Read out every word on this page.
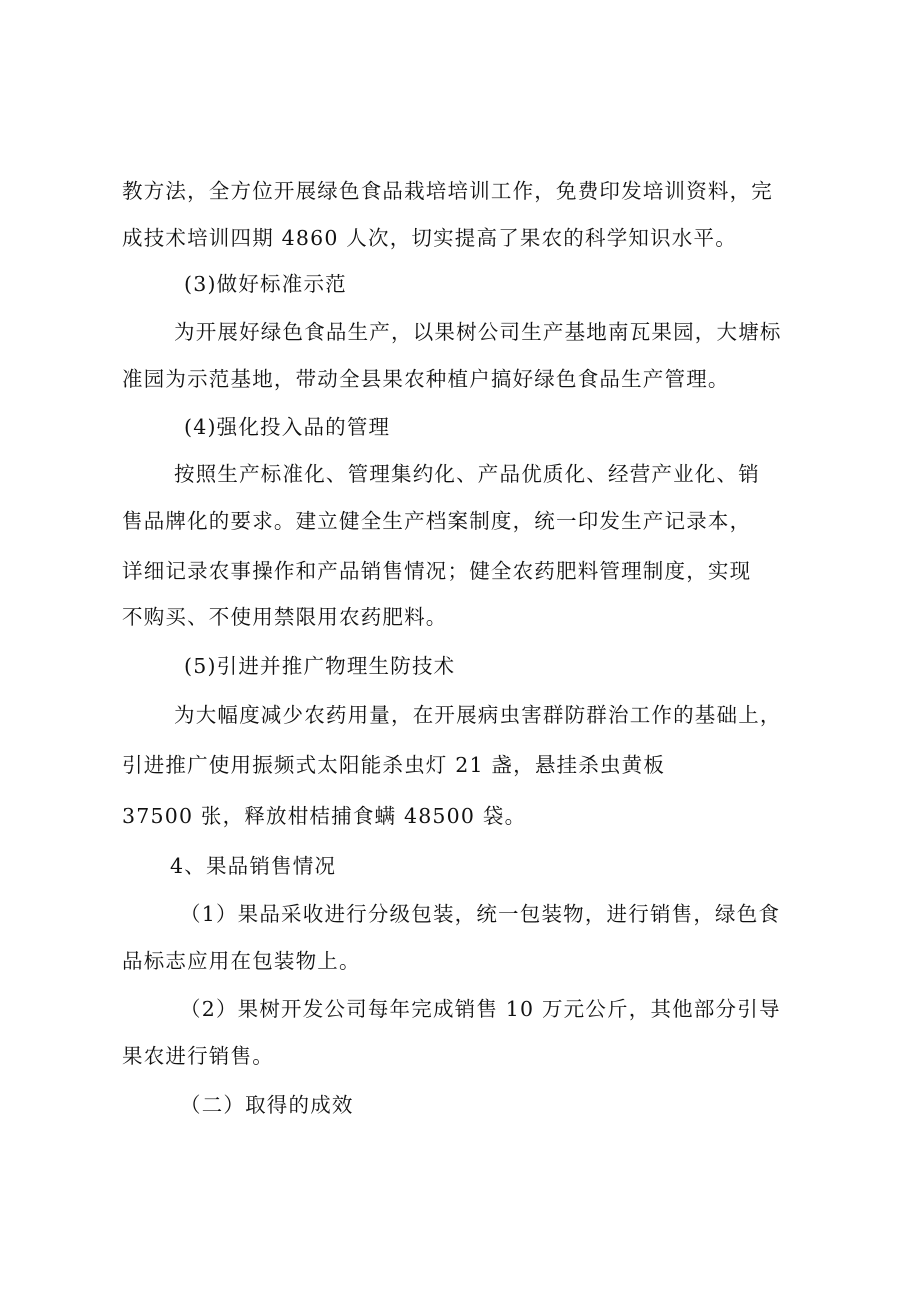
教方法，全方位开展绿色食品栽培培训工作，免费印发培训资料，完
成技术培训四期 4860 人次，切实提高了果农的科学知识水平。
(3)做好标准示范
为开展好绿色食品生产，以果树公司生产基地南瓦果园，大塘标
准园为示范基地，带动全县果农种植户搞好绿色食品生产管理。
(4)强化投入品的管理
按照生产标准化、管理集约化、产品优质化、经营产业化、销
售品牌化的要求。建立健全生产档案制度，统一印发生产记录本，
详细记录农事操作和产品销售情况；健全农药肥料管理制度，实现
不购买、不使用禁限用农药肥料。
(5)引进并推广物理生防技术
为大幅度减少农药用量，在开展病虫害群防群治工作的基础上，
引进推广使用振频式太阳能杀虫灯 21 盏，悬挂杀虫黄板
37500 张，释放柑桔捕食螨 48500 袋。
4、果品销售情况
（1）果品采收进行分级包装，统一包装物，进行销售，绿色食
品标志应用在包装物上。
（2）果树开发公司每年完成销售 10 万元公斤，其他部分引导
果农进行销售。
（二）取得的成效
